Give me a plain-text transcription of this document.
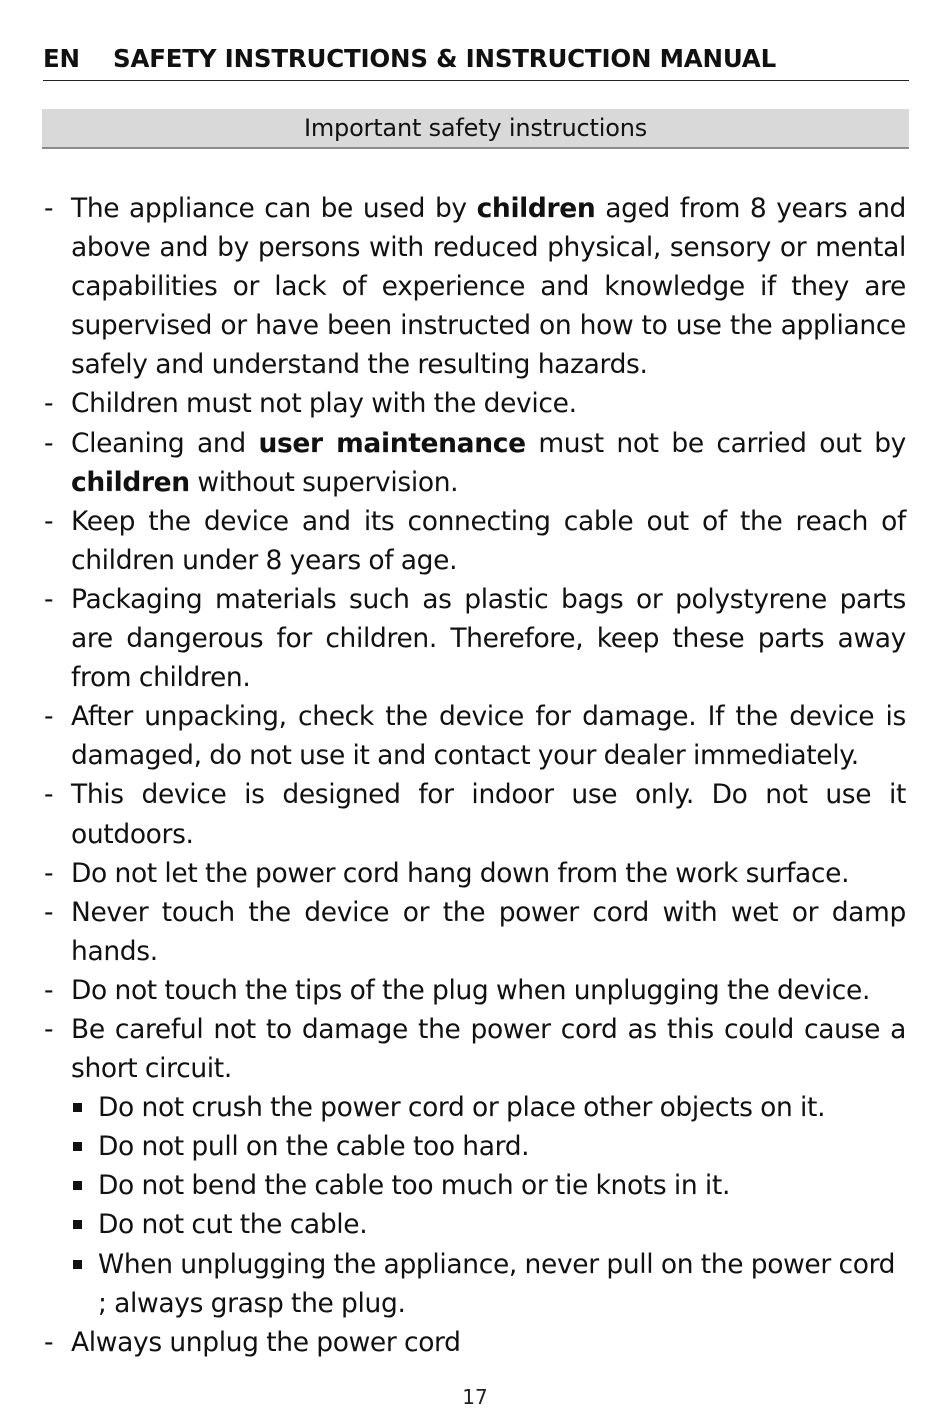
EN	SAFETY INSTRUCTIONS & INSTRUCTION MANUAL
Important safety instructions
- The appliance can be used by children aged from 8 years and above and by persons with reduced physical, sensory or mental capabilities or lack of experience and knowledge if they are supervised or have been instructed on how to use the appliance safely and understand the resulting hazards.
- Children must not play with the device.
- Cleaning and user maintenance must not be carried out by children without supervision.
- Keep the device and its connecting cable out of the reach of children under 8 years of age.
- Packaging materials such as plastic bags or polystyrene parts are dangerous for children. Therefore, keep these parts away from children.
- After unpacking, check the device for damage. If the device is damaged, do not use it and contact your dealer immediately.
- This device is designed for indoor use only. Do not use it outdoors.
- Do not let the power cord hang down from the work surface.
- Never touch the device or the power cord with wet or damp hands.
- Do not touch the tips of the plug when unplugging the device.
- Be careful not to damage the power cord as this could cause a short circuit.
Do not crush the power cord or place other objects on it.
Do not pull on the cable too hard.
Do not bend the cable too much or tie knots in it.
Do not cut the cable.
When unplugging the appliance, never pull on the power cord ; always grasp the plug.
- Always unplug the power cord
17
